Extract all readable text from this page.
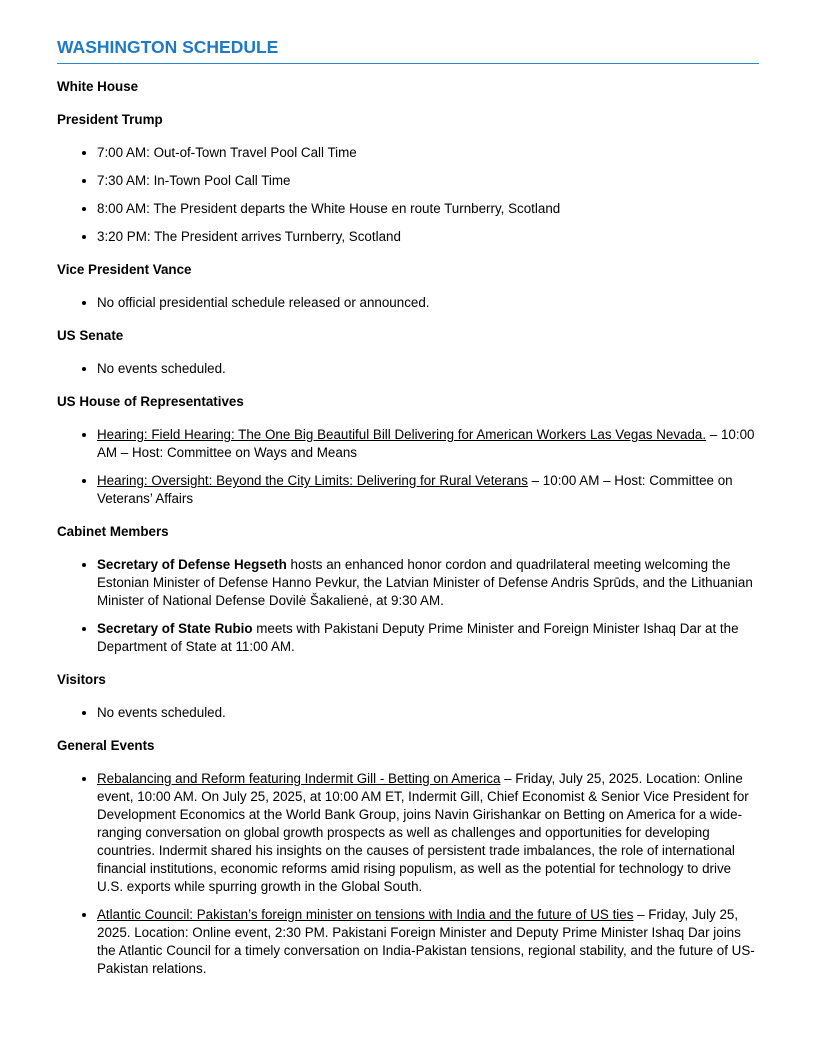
WASHINGTON SCHEDULE

White House

President Trump

• 7:00 AM: Out-of-Town Travel Pool Call Time
• 7:30 AM: In-Town Pool Call Time
• 8:00 AM: The President departs the White House en route Turnberry, Scotland
• 3:20 PM: The President arrives Turnberry, Scotland

Vice President Vance

• No official presidential schedule released or announced.

US Senate

• No events scheduled.

US House of Representatives

• Hearing: Field Hearing: The One Big Beautiful Bill Delivering for American Workers Las Vegas Nevada. – 10:00 AM – Host: Committee on Ways and Means
• Hearing: Oversight: Beyond the City Limits: Delivering for Rural Veterans – 10:00 AM – Host: Committee on Veterans’ Affairs

Cabinet Members

• Secretary of Defense Hegseth hosts an enhanced honor cordon and quadrilateral meeting welcoming the Estonian Minister of Defense Hanno Pevkur, the Latvian Minister of Defense Andris Sprūds, and the Lithuanian Minister of National Defense Dovilė Šakalienė, at 9:30 AM.
• Secretary of State Rubio meets with Pakistani Deputy Prime Minister and Foreign Minister Ishaq Dar at the Department of State at 11:00 AM.

Visitors

• No events scheduled.

General Events

• Rebalancing and Reform featuring Indermit Gill - Betting on America – Friday, July 25, 2025. Location: Online event, 10:00 AM. On July 25, 2025, at 10:00 AM ET, Indermit Gill, Chief Economist & Senior Vice President for Development Economics at the World Bank Group, joins Navin Girishankar on Betting on America for a wide-ranging conversation on global growth prospects as well as challenges and opportunities for developing countries. Indermit shared his insights on the causes of persistent trade imbalances, the role of international financial institutions, economic reforms amid rising populism, as well as the potential for technology to drive U.S. exports while spurring growth in the Global South.
• Atlantic Council: Pakistan’s foreign minister on tensions with India and the future of US ties – Friday, July 25, 2025. Location: Online event, 2:30 PM. Pakistani Foreign Minister and Deputy Prime Minister Ishaq Dar joins the Atlantic Council for a timely conversation on India-Pakistan tensions, regional stability, and the future of US-Pakistan relations.
